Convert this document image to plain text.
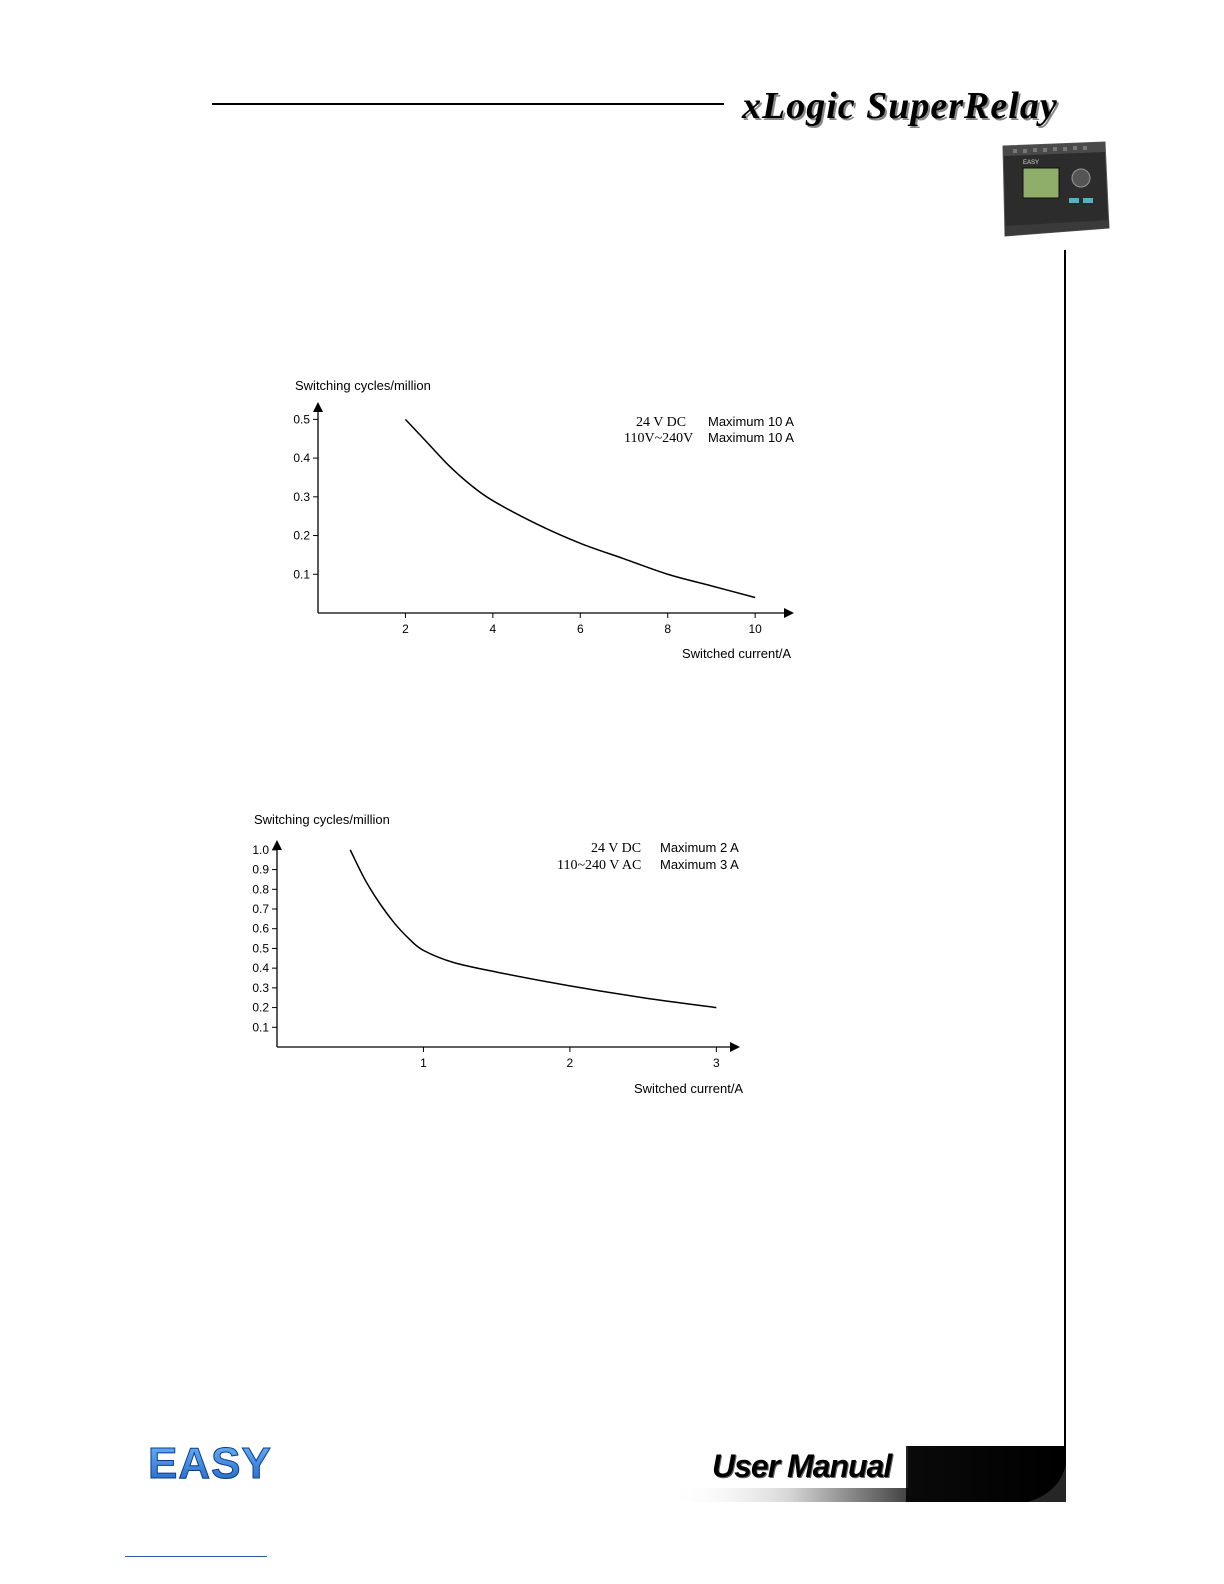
xLogic SuperRelay
EASY
Switching cycles/million
Switched current/A
24 V DC Maximum 10 A
110V~240V Maximum 10 A
2	4	6	8	10
0.1
0.2
0.3
0.4
0.5
Switching cycles/million
Switched current/A
24 V DC Maximum 2 A
110~240 V AC Maximum 3 A
1	2	3
0.1
0.2
0.3
0.4
0.5
0.6
0.7
0.8
0.9
1.0
EASY	User Manual
